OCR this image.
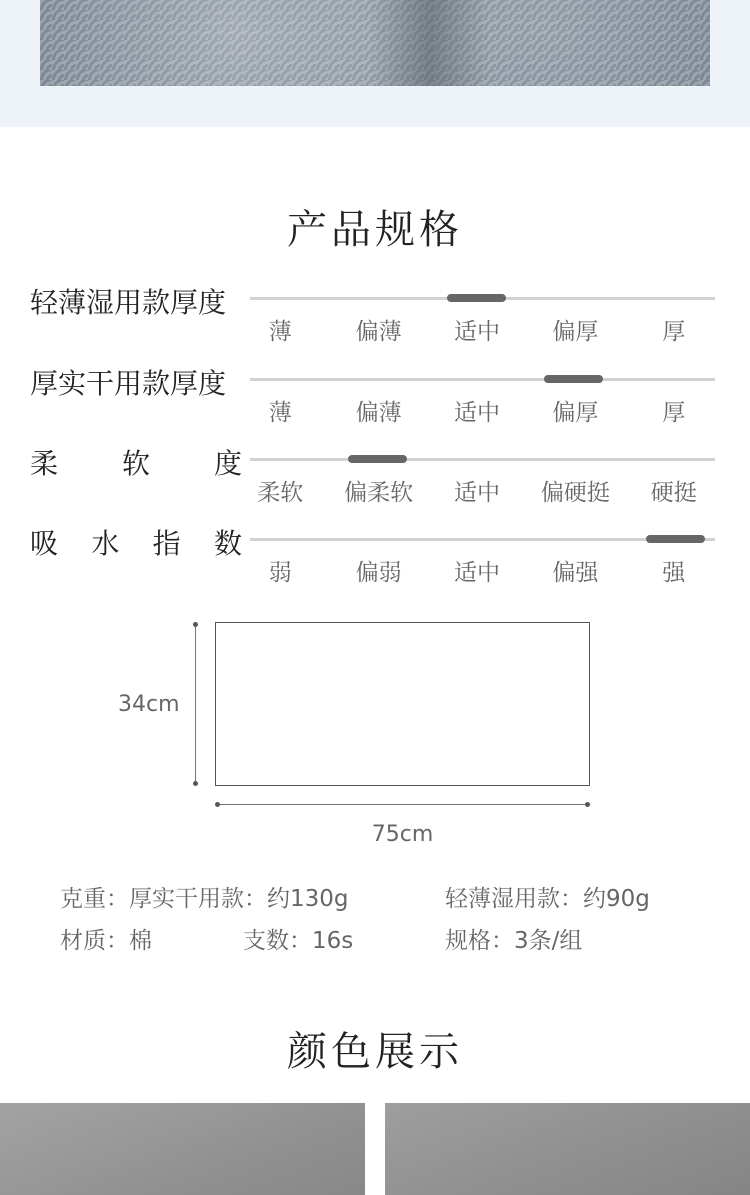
产品规格
轻薄湿用款厚度
薄	偏薄	适中	偏厚	厚
厚实干用款厚度
薄	偏薄	适中	偏厚	厚
柔 软 度
柔软	偏柔软	适中	偏硬挺	硬挺
吸 水 指 数
弱	偏弱	适中	偏强	强
34cm
75cm
克重：厚实干用款：约130g	轻薄湿用款：约90g
材质：棉	支数：16s	规格：3条/组
颜色展示
